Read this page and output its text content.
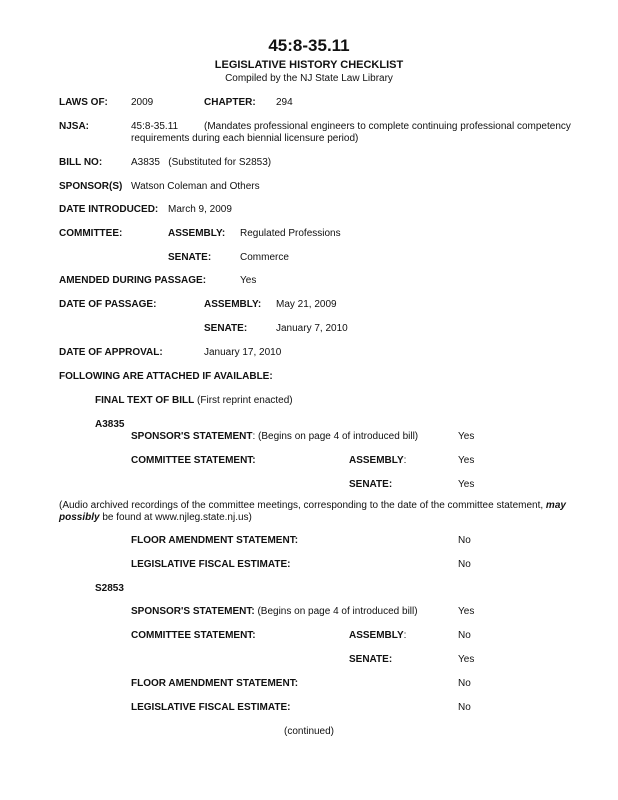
45:8-35.11
LEGISLATIVE HISTORY CHECKLIST
Compiled by the NJ State Law Library
LAWS OF: 2009	CHAPTER: 294
NJSA:	45:8-35.11	(Mandates professional engineers to complete continuing professional competency
requirements during each biennial licensure period)
BILL NO:	A3835   (Substituted for S2853)
SPONSOR(S) Watson Coleman and Others
DATE INTRODUCED: March 9, 2009
COMMITTEE:	ASSEMBLY: Regulated Professions
SENATE:	Commerce
AMENDED DURING PASSAGE:	Yes
DATE OF PASSAGE:	ASSEMBLY: May 21, 2009
SENATE:	January 7, 2010
DATE OF APPROVAL:	January 17, 2010
FOLLOWING ARE ATTACHED IF AVAILABLE:
FINAL TEXT OF BILL (First reprint enacted)
A3835
SPONSOR'S STATEMENT: (Begins on page 4 of introduced bill)	Yes
COMMITTEE STATEMENT:	ASSEMBLY:	Yes
SENATE:	Yes
(Audio archived recordings of the committee meetings, corresponding to the date of the committee statement, may possibly be found at www.njleg.state.nj.us)
FLOOR AMENDMENT STATEMENT:	No
LEGISLATIVE FISCAL ESTIMATE:	No
S2853
SPONSOR'S STATEMENT: (Begins on page 4 of introduced bill)	Yes
COMMITTEE STATEMENT:	ASSEMBLY:	No
SENATE:	Yes
FLOOR AMENDMENT STATEMENT:	No
LEGISLATIVE FISCAL ESTIMATE:	No
(continued)
